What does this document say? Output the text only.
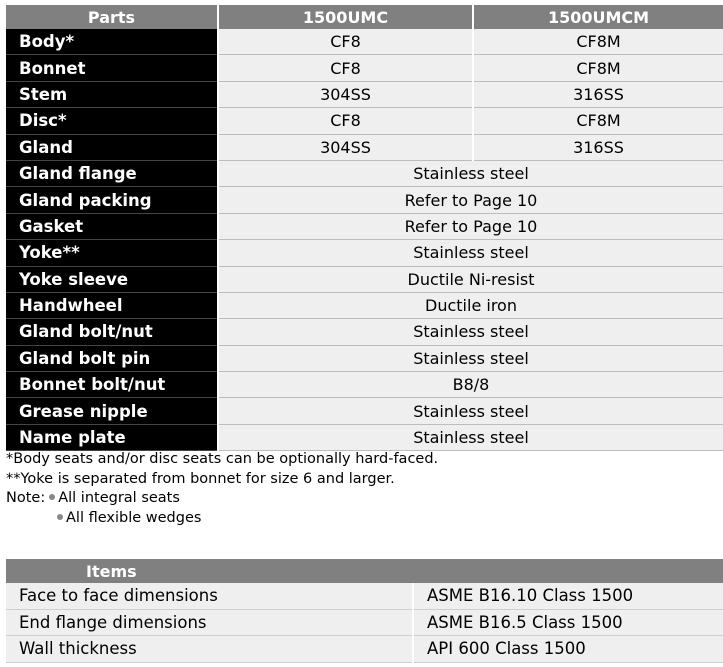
Parts	1500UMC	1500UMCM
Body*	CF8	CF8M
Bonnet	CF8	CF8M
Stem	304SS	316SS
Disc*	CF8	CF8M
Gland	304SS	316SS
Gland flange	Stainless steel	
Gland packing	Refer to Page 10	
Gasket	Refer to Page 10	
Yoke**	Stainless steel	
Yoke sleeve	Ductile Ni-resist	
Handwheel	Ductile iron	
Gland bolt/nut	Stainless steel	
Gland bolt pin	Stainless steel	
Bonnet bolt/nut	B8/8	
Grease nipple	Stainless steel	
Name plate	Stainless steel	
*Body seats and/or disc seats can be optionally hard-faced.
**Yoke is separated from bonnet for size 6 and larger.
Note: All integral seats
All flexible wedges
Items	
Face to face dimensions	ASME B16.10 Class 1500
End flange dimensions	ASME B16.5 Class 1500
Wall thickness	API 600 Class 1500
